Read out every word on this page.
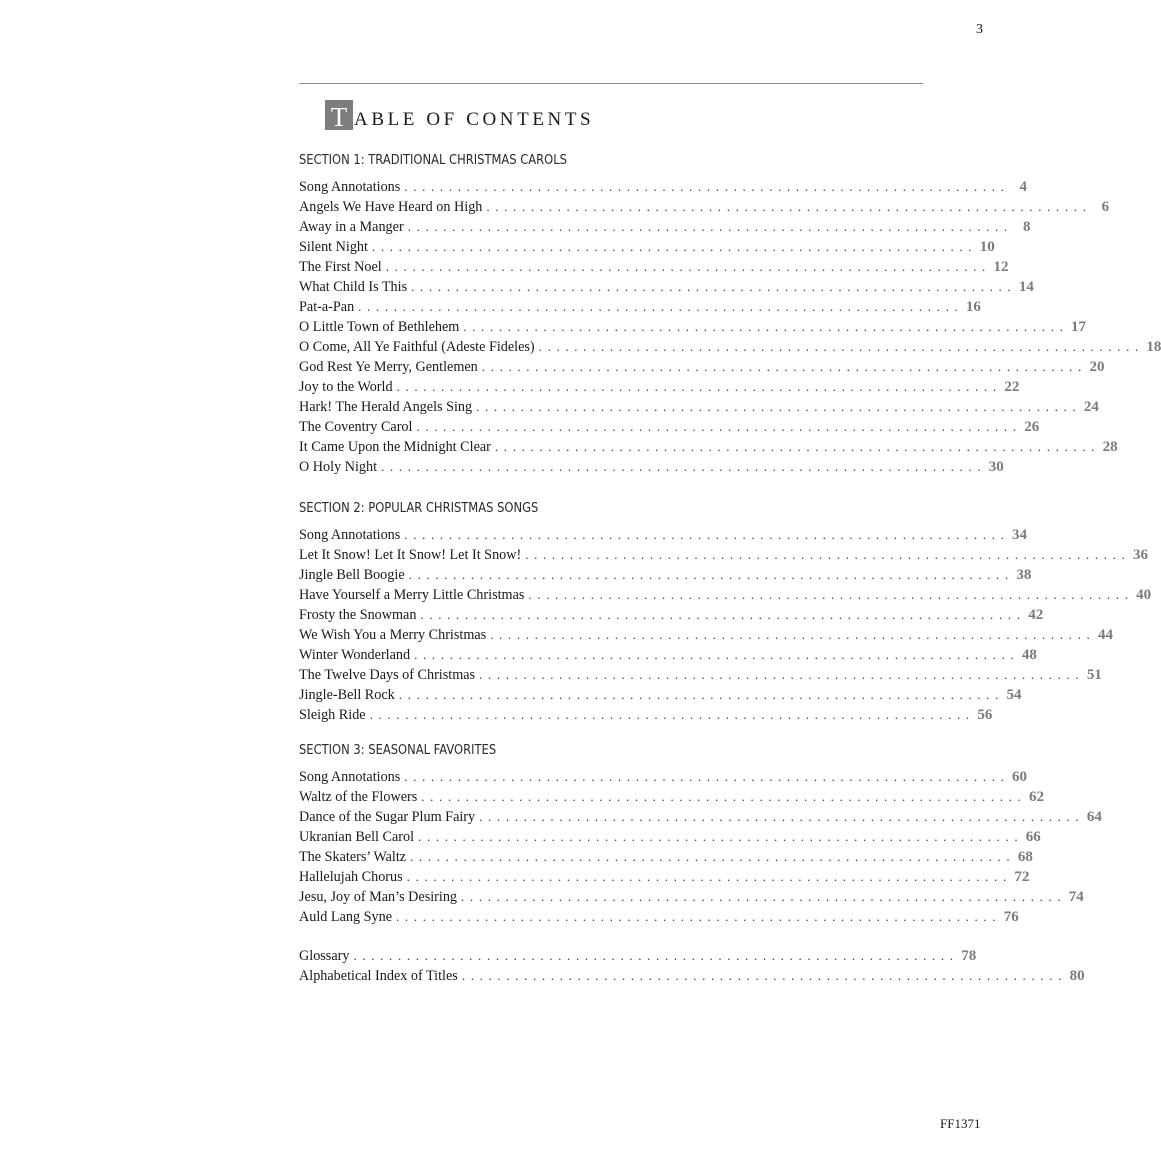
3
T ABLE OF CONTENTS
SECTION 1: TRADITIONAL CHRISTMAS CAROLS
Song Annotations . . . . . . . . . . . . . . . . . . . . . . . . . . . . . . . . . . . . . . . . . . . . . . . . . . . . . . . . . . . . . . . . . . . . 4
Angels We Have Heard on High . . . . . . . . . . . . . . . . . . . . . . . . . . . . . . . . . . . . . . . . . . . . . . . . . . . . . . . . . . . . . . . . . . . . 6
Away in a Manger . . . . . . . . . . . . . . . . . . . . . . . . . . . . . . . . . . . . . . . . . . . . . . . . . . . . . . . . . . . . . . . . . . . . 8
Silent Night . . . . . . . . . . . . . . . . . . . . . . . . . . . . . . . . . . . . . . . . . . . . . . . . . . . . . . . . . . . . . . . . . . . . 10
The First Noel . . . . . . . . . . . . . . . . . . . . . . . . . . . . . . . . . . . . . . . . . . . . . . . . . . . . . . . . . . . . . . . . . . . . 12
What Child Is This . . . . . . . . . . . . . . . . . . . . . . . . . . . . . . . . . . . . . . . . . . . . . . . . . . . . . . . . . . . . . . . . . . . . 14
Pat-a-Pan . . . . . . . . . . . . . . . . . . . . . . . . . . . . . . . . . . . . . . . . . . . . . . . . . . . . . . . . . . . . . . . . . . . . 16
O Little Town of Bethlehem . . . . . . . . . . . . . . . . . . . . . . . . . . . . . . . . . . . . . . . . . . . . . . . . . . . . . . . . . . . . . . . . . . . . 17
O Come, All Ye Faithful (Adeste Fideles) . . . . . . . . . . . . . . . . . . . . . . . . . . . . . . . . . . . . . . . . . . . . . . . . . . . . . . . . . . . . . . . . . . . . 18
God Rest Ye Merry, Gentlemen . . . . . . . . . . . . . . . . . . . . . . . . . . . . . . . . . . . . . . . . . . . . . . . . . . . . . . . . . . . . . . . . . . . . 20
Joy to the World . . . . . . . . . . . . . . . . . . . . . . . . . . . . . . . . . . . . . . . . . . . . . . . . . . . . . . . . . . . . . . . . . . . . 22
Hark! The Herald Angels Sing . . . . . . . . . . . . . . . . . . . . . . . . . . . . . . . . . . . . . . . . . . . . . . . . . . . . . . . . . . . . . . . . . . . . 24
The Coventry Carol . . . . . . . . . . . . . . . . . . . . . . . . . . . . . . . . . . . . . . . . . . . . . . . . . . . . . . . . . . . . . . . . . . . . 26
It Came Upon the Midnight Clear . . . . . . . . . . . . . . . . . . . . . . . . . . . . . . . . . . . . . . . . . . . . . . . . . . . . . . . . . . . . . . . . . . . . 28
O Holy Night . . . . . . . . . . . . . . . . . . . . . . . . . . . . . . . . . . . . . . . . . . . . . . . . . . . . . . . . . . . . . . . . . . . . 30
SECTION 2: POPULAR CHRISTMAS SONGS
Song Annotations . . . . . . . . . . . . . . . . . . . . . . . . . . . . . . . . . . . . . . . . . . . . . . . . . . . . . . . . . . . . . . . . . . . . 34
Let It Snow! Let It Snow! Let It Snow! . . . . . . . . . . . . . . . . . . . . . . . . . . . . . . . . . . . . . . . . . . . . . . . . . . . . . . . . . . . . . . . . . . . . 36
Jingle Bell Boogie . . . . . . . . . . . . . . . . . . . . . . . . . . . . . . . . . . . . . . . . . . . . . . . . . . . . . . . . . . . . . . . . . . . . 38
Have Yourself a Merry Little Christmas . . . . . . . . . . . . . . . . . . . . . . . . . . . . . . . . . . . . . . . . . . . . . . . . . . . . . . . . . . . . . . . . . . . . 40
Frosty the Snowman . . . . . . . . . . . . . . . . . . . . . . . . . . . . . . . . . . . . . . . . . . . . . . . . . . . . . . . . . . . . . . . . . . . . 42
We Wish You a Merry Christmas . . . . . . . . . . . . . . . . . . . . . . . . . . . . . . . . . . . . . . . . . . . . . . . . . . . . . . . . . . . . . . . . . . . . 44
Winter Wonderland . . . . . . . . . . . . . . . . . . . . . . . . . . . . . . . . . . . . . . . . . . . . . . . . . . . . . . . . . . . . . . . . . . . . 48
The Twelve Days of Christmas . . . . . . . . . . . . . . . . . . . . . . . . . . . . . . . . . . . . . . . . . . . . . . . . . . . . . . . . . . . . . . . . . . . . 51
Jingle-Bell Rock . . . . . . . . . . . . . . . . . . . . . . . . . . . . . . . . . . . . . . . . . . . . . . . . . . . . . . . . . . . . . . . . . . . . 54
Sleigh Ride . . . . . . . . . . . . . . . . . . . . . . . . . . . . . . . . . . . . . . . . . . . . . . . . . . . . . . . . . . . . . . . . . . . . 56
SECTION 3: SEASONAL FAVORITES
Song Annotations . . . . . . . . . . . . . . . . . . . . . . . . . . . . . . . . . . . . . . . . . . . . . . . . . . . . . . . . . . . . . . . . . . . . 60
Waltz of the Flowers . . . . . . . . . . . . . . . . . . . . . . . . . . . . . . . . . . . . . . . . . . . . . . . . . . . . . . . . . . . . . . . . . . . . 62
Dance of the Sugar Plum Fairy . . . . . . . . . . . . . . . . . . . . . . . . . . . . . . . . . . . . . . . . . . . . . . . . . . . . . . . . . . . . . . . . . . . . 64
Ukranian Bell Carol . . . . . . . . . . . . . . . . . . . . . . . . . . . . . . . . . . . . . . . . . . . . . . . . . . . . . . . . . . . . . . . . . . . . 66
The Skaters’ Waltz . . . . . . . . . . . . . . . . . . . . . . . . . . . . . . . . . . . . . . . . . . . . . . . . . . . . . . . . . . . . . . . . . . . . 68
Hallelujah Chorus . . . . . . . . . . . . . . . . . . . . . . . . . . . . . . . . . . . . . . . . . . . . . . . . . . . . . . . . . . . . . . . . . . . . 72
Jesu, Joy of Man’s Desiring . . . . . . . . . . . . . . . . . . . . . . . . . . . . . . . . . . . . . . . . . . . . . . . . . . . . . . . . . . . . . . . . . . . . 74
Auld Lang Syne . . . . . . . . . . . . . . . . . . . . . . . . . . . . . . . . . . . . . . . . . . . . . . . . . . . . . . . . . . . . . . . . . . . . 76
Glossary . . . . . . . . . . . . . . . . . . . . . . . . . . . . . . . . . . . . . . . . . . . . . . . . . . . . . . . . . . . . . . . . . . . . 78
Alphabetical Index of Titles . . . . . . . . . . . . . . . . . . . . . . . . . . . . . . . . . . . . . . . . . . . . . . . . . . . . . . . . . . . . . . . . . . . . 80
FF1371
